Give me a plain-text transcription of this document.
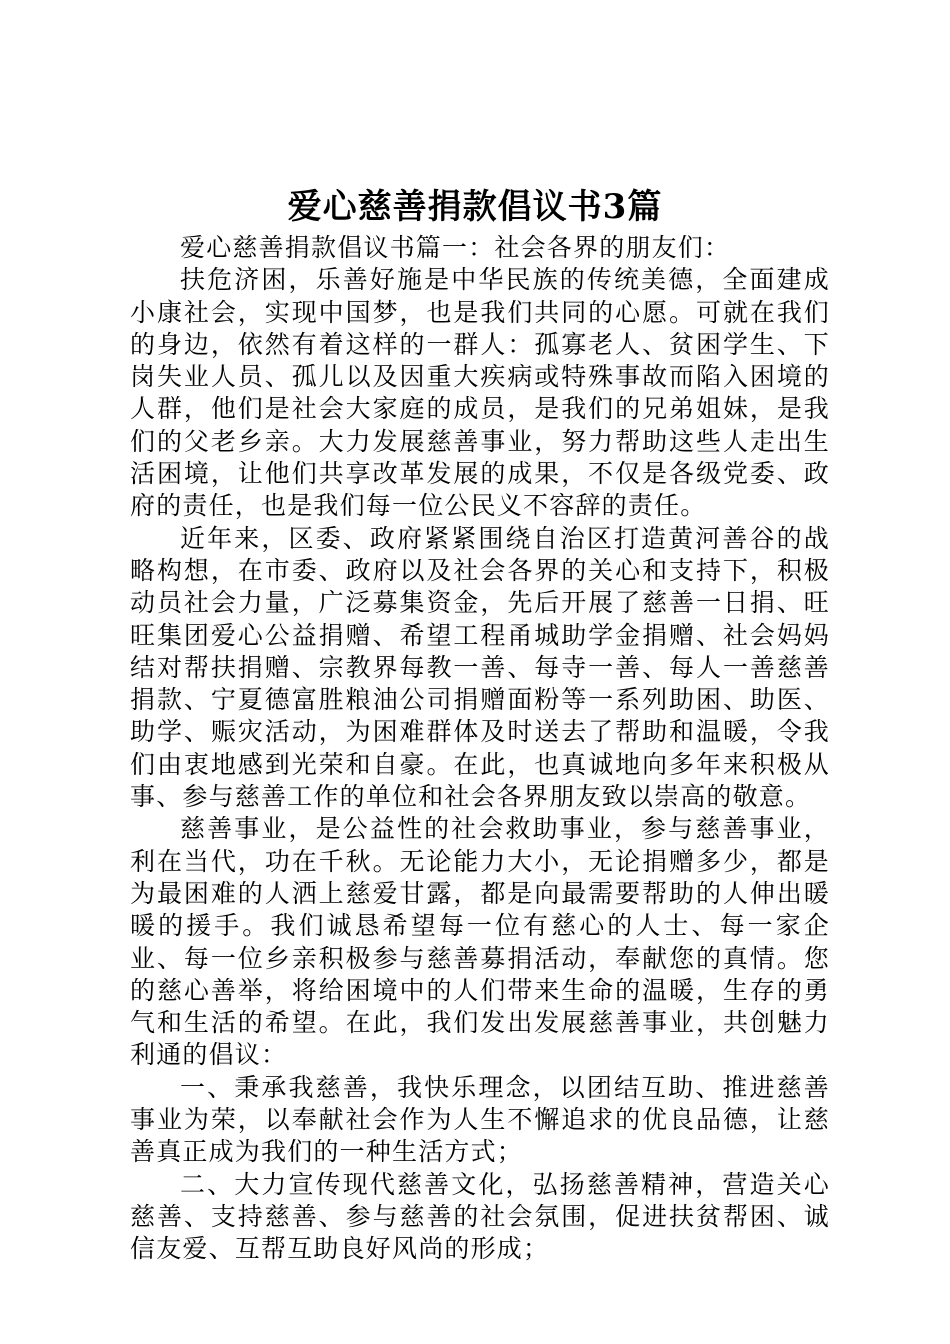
爱心慈善捐款倡议书3篇

爱心慈善捐款倡议书篇一：社会各界的朋友们：

扶危济困，乐善好施是中华民族的传统美德，全面建成小康社会，实现中国梦，也是我们共同的心愿。可就在我们的身边，依然有着这样的一群人：孤寡老人、贫困学生、下岗失业人员、孤儿以及因重大疾病或特殊事故而陷入困境的人群，他们是社会大家庭的成员，是我们的兄弟姐妹，是我们的父老乡亲。大力发展慈善事业，努力帮助这些人走出生活困境，让他们共享改革发展的成果，不仅是各级党委、政府的责任，也是我们每一位公民义不容辞的责任。

近年来，区委、政府紧紧围绕自治区打造黄河善谷的战略构想，在市委、政府以及社会各界的关心和支持下，积极动员社会力量，广泛募集资金，先后开展了慈善一日捐、旺旺集团爱心公益捐赠、希望工程甬城助学金捐赠、社会妈妈结对帮扶捐赠、宗教界每教一善、每寺一善、每人一善慈善捐款、宁夏德富胜粮油公司捐赠面粉等一系列助困、助医、助学、赈灾活动，为困难群体及时送去了帮助和温暖，令我们由衷地感到光荣和自豪。在此，也真诚地向多年来积极从事、参与慈善工作的单位和社会各界朋友致以崇高的敬意。

慈善事业，是公益性的社会救助事业，参与慈善事业，利在当代，功在千秋。无论能力大小，无论捐赠多少，都是为最困难的人洒上慈爱甘露，都是向最需要帮助的人伸出暖暖的援手。我们诚恳希望每一位有慈心的人士、每一家企业、每一位乡亲积极参与慈善募捐活动，奉献您的真情。您的慈心善举，将给困境中的人们带来生命的温暖，生存的勇气和生活的希望。在此，我们发出发展慈善事业，共创魅力利通的倡议：

一、秉承我慈善，我快乐理念，以团结互助、推进慈善事业为荣，以奉献社会作为人生不懈追求的优良品德，让慈善真正成为我们的一种生活方式；

二、大力宣传现代慈善文化，弘扬慈善精神，营造关心慈善、支持慈善、参与慈善的社会氛围，促进扶贫帮困、诚信友爱、互帮互助良好风尚的形成；
